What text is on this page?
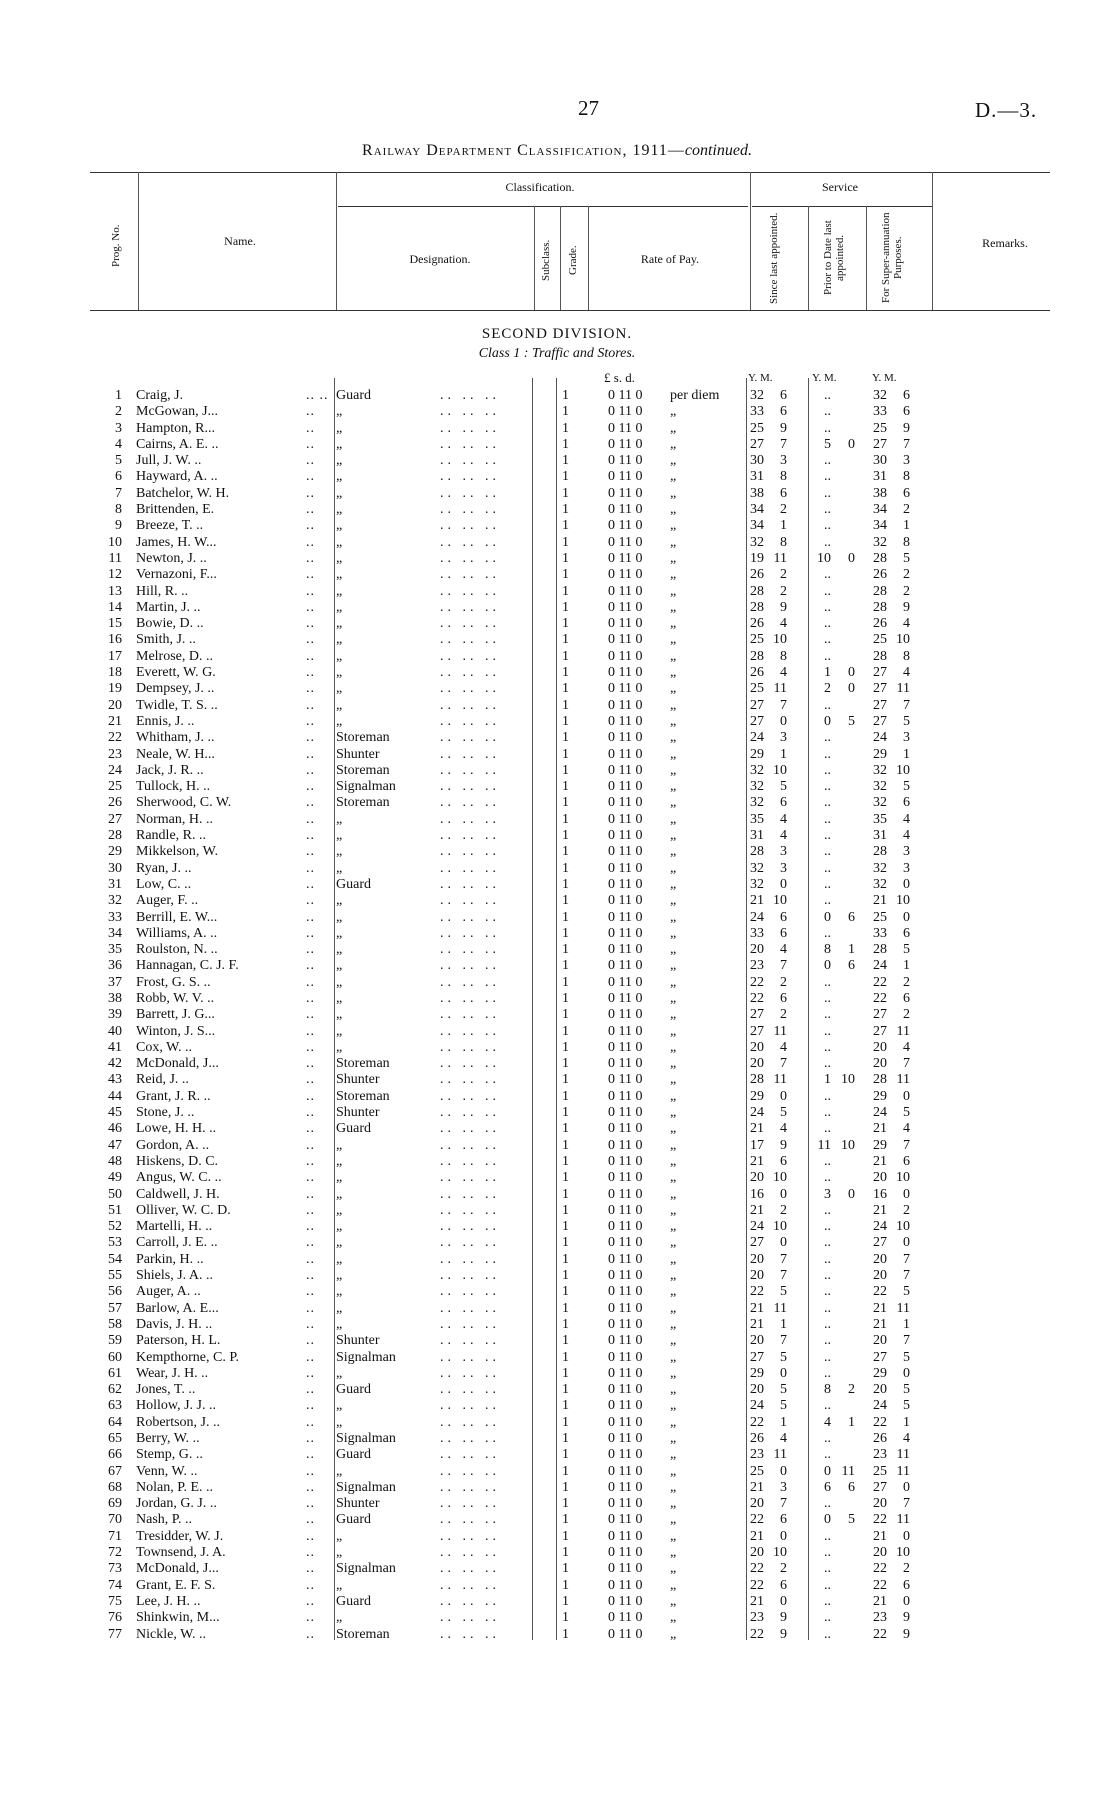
27	D.—3.
Railway Department Classification, 1911—continued.
Prog. No.	Name.
Classification.
Designation.	Subclass. Grade.	Rate of Pay.
Service
Since last appointed.	Prior to Date last appointed.	For Super-annuation Purposes.	Remarks.
SECOND DIVISION.
Class 1 : Traffic and Stores.
£ s. d.	Y. M.	Y. M.	Y. M.
1 Craig, J.	.. .. Guard	1	0 11 0 per diem	32	6	..	32	6
.. .. ..
2 McGowan, J...	.. „	1	0 11 0 „	33	6	..	33	6
.. .. ..
3 Hampton, R...	.. „	1	0 11 0 „	25	9	..	25	9
.. .. ..
4 Cairns, A. E. ..	.. „	1	0 11 0 „	27	7	5	0	27	7
.. .. ..
5 Jull, J. W. ..	.. „	1	0 11 0 „	30	3	..	30	3
.. .. ..
6 Hayward, A. ..	.. „	1	0 11 0 „	31	8	..	31	8
.. .. ..
7 Batchelor, W. H.	.. „	1	0 11 0 „	38	6	..	38	6
.. .. ..
8 Brittenden, E.	.. „	1	0 11 0 „	34	2	..	34	2
.. .. ..
9 Breeze, T. ..	.. „	1	0 11 0 „	34	1	..	34	1
.. .. ..
10 James, H. W...	.. „	1	0 11 0 „	32	8	..	32	8
.. .. ..
11 Newton, J. ..	.. „	1	0 11 0 „	19 11	10	0	28	5
.. .. ..
12 Vernazoni, F...	.. „	1	0 11 0 „	26	2	..	26	2
.. .. ..
13 Hill, R. ..	.. „	1	0 11 0 „	28	2	..	28	2
.. .. ..
14 Martin, J. ..	.. „	1	0 11 0 „	28	9	..	28	9
.. .. ..
15 Bowie, D. ..	.. „	1	0 11 0 „	26	4	..	26	4
.. .. ..
16 Smith, J. ..	.. „	1	0 11 0 „	25 10	..	25 10
.. .. ..
17 Melrose, D. ..	.. „	1	0 11 0 „	28	8	..	28	8
.. .. ..
18 Everett, W. G.	.. „	1	0 11 0 „	26	4	1	0	27	4
.. .. ..
19 Dempsey, J. ..	.. „	1	0 11 0 „	25 11	2	0	27 11
.. .. ..
20 Twidle, T. S. ..	.. „	1	0 11 0 „	27	7	..	27	7
.. .. ..
21 Ennis, J. ..	.. „	1	0 11 0 „	27	0	0	5	27	5
.. .. ..
22 Whitham, J. ..	.. Storeman	1	0 11 0 „	24	3	..	24	3
.. .. ..
23 Neale, W. H...	.. Shunter	1	0 11 0 „	29	1	..	29	1
.. .. ..
24 Jack, J. R. ..	.. Storeman	1	0 11 0 „	32 10	..	32 10
.. .. ..
25 Tullock, H. ..	.. Signalman	1	0 11 0 „	32	5	..	32	5
.. .. ..
26 Sherwood, C. W.	.. Storeman	1	0 11 0 „	32	6	..	32	6
.. .. ..
27 Norman, H. ..	.. „	1	0 11 0 „	35	4	..	35	4
.. .. ..
28 Randle, R. ..	.. „	1	0 11 0 „	31	4	..	31	4
.. .. ..
29 Mikkelson, W.	.. „	1	0 11 0 „	28	3	..	28	3
.. .. ..
30 Ryan, J. ..	.. „	1	0 11 0 „	32	3	..	32	3
.. .. ..
31 Low, C. ..	.. Guard	1	0 11 0 „	32	0	..	32	0
.. .. ..
32 Auger, F. ..	.. „	1	0 11 0 „	21 10	..	21 10
.. .. ..
33 Berrill, E. W...	.. „	1	0 11 0 „	24	6	0	6	25	0
.. .. ..
34 Williams, A. ..	.. „	1	0 11 0 „	33	6	..	33	6
.. .. ..
35 Roulston, N. ..	.. „	1	0 11 0 „	20	4	8	1	28	5
.. .. ..
36 Hannagan, C. J. F.	.. „	1	0 11 0 „	23	7	0	6	24	1
.. .. ..
37 Frost, G. S. ..	.. „	1	0 11 0 „	22	2	..	22	2
.. .. ..
38 Robb, W. V. ..	.. „	1	0 11 0 „	22	6	..	22	6
.. .. ..
39 Barrett, J. G...	.. „	1	0 11 0 „	27	2	..	27	2
.. .. ..
40 Winton, J. S...	.. „	1	0 11 0 „	27 11	..	27 11
.. .. ..
41 Cox, W. ..	.. „	1	0 11 0 „	20	4	..	20	4
.. .. ..
42 McDonald, J...	.. Storeman	1	0 11 0 „	20	7	..	20	7
.. .. ..
43 Reid, J. ..	.. Shunter	1	0 11 0 „	28 11	1 10	28 11
.. .. ..
44 Grant, J. R. ..	.. Storeman	1	0 11 0 „	29	0	..	29	0
.. .. ..
45 Stone, J. ..	.. Shunter	1	0 11 0 „	24	5	..	24	5
.. .. ..
46 Lowe, H. H. ..	.. Guard	1	0 11 0 „	21	4	..	21	4
.. .. ..
47 Gordon, A. ..	.. „	1	0 11 0 „	17	9	11 10	29	7
.. .. ..
48 Hiskens, D. C.	.. „	1	0 11 0 „	21	6	..	21	6
.. .. ..
49 Angus, W. C. ..	.. „	1	0 11 0 „	20 10	..	20 10
.. .. ..
50 Caldwell, J. H.	.. „	1	0 11 0 „	16	0	3	0	16	0
.. .. ..
51 Olliver, W. C. D.	.. „	1	0 11 0 „	21	2	..	21	2
.. .. ..
52 Martelli, H. ..	.. „	1	0 11 0 „	24 10	..	24 10
.. .. ..
53 Carroll, J. E. ..	.. „	1	0 11 0 „	27	0	..	27	0
.. .. ..
54 Parkin, H. ..	.. „	1	0 11 0 „	20	7	..	20	7
.. .. ..
55 Shiels, J. A. ..	.. „	1	0 11 0 „	20	7	..	20	7
.. .. ..
56 Auger, A. ..	.. „	1	0 11 0 „	22	5	..	22	5
.. .. ..
57 Barlow, A. E...	.. „	1	0 11 0 „	21 11	..	21 11
.. .. ..
58 Davis, J. H. ..	.. „	1	0 11 0 „	21	1	..	21	1
.. .. ..
59 Paterson, H. L.	.. Shunter	1	0 11 0 „	20	7	..	20	7
.. .. ..
60 Kempthorne, C. P.	.. Signalman	1	0 11 0 „	27	5	..	27	5
.. .. ..
61 Wear, J. H. ..	.. „	1	0 11 0 „	29	0	..	29	0
.. .. ..
62 Jones, T. ..	.. Guard	1	0 11 0 „	20	5	8	2	20	5
.. .. ..
63 Hollow, J. J. ..	.. „	1	0 11 0 „	24	5	..	24	5
.. .. ..
64 Robertson, J. ..	.. „	1	0 11 0 „	22	1	4	1	22	1
.. .. ..
65 Berry, W. ..	.. Signalman	1	0 11 0 „	26	4	..	26	4
.. .. ..
66 Stemp, G. ..	.. Guard	1	0 11 0 „	23 11	..	23 11
.. .. ..
67 Venn, W. ..	.. „	1	0 11 0 „	25	0	0 11	25 11
.. .. ..
68 Nolan, P. E. ..	.. Signalman	1	0 11 0 „	21	3	6	6	27	0
.. .. ..
69 Jordan, G. J. ..	.. Shunter	1	0 11 0 „	20	7	..	20	7
.. .. ..
70 Nash, P. ..	.. Guard	1	0 11 0 „	22	6	0	5	22 11
.. .. ..
71 Tresidder, W. J.	.. „	1	0 11 0 „	21	0	..	21	0
.. .. ..
72 Townsend, J. A.	.. „	1	0 11 0 „	20 10	..	20 10
.. .. ..
73 McDonald, J...	.. Signalman	1	0 11 0 „	22	2	..	22	2
.. .. ..
74 Grant, E. F. S.	.. „	1	0 11 0 „	22	6	..	22	6
.. .. ..
75 Lee, J. H. ..	.. Guard	1	0 11 0 „	21	0	..	21	0
.. .. ..
76 Shinkwin, M...	.. „	1	0 11 0 „	23	9	..	23	9
.. .. ..
77 Nickle, W. ..	.. Storeman	1	0 11 0 „	22	9	..	22	9
.. .. ..
